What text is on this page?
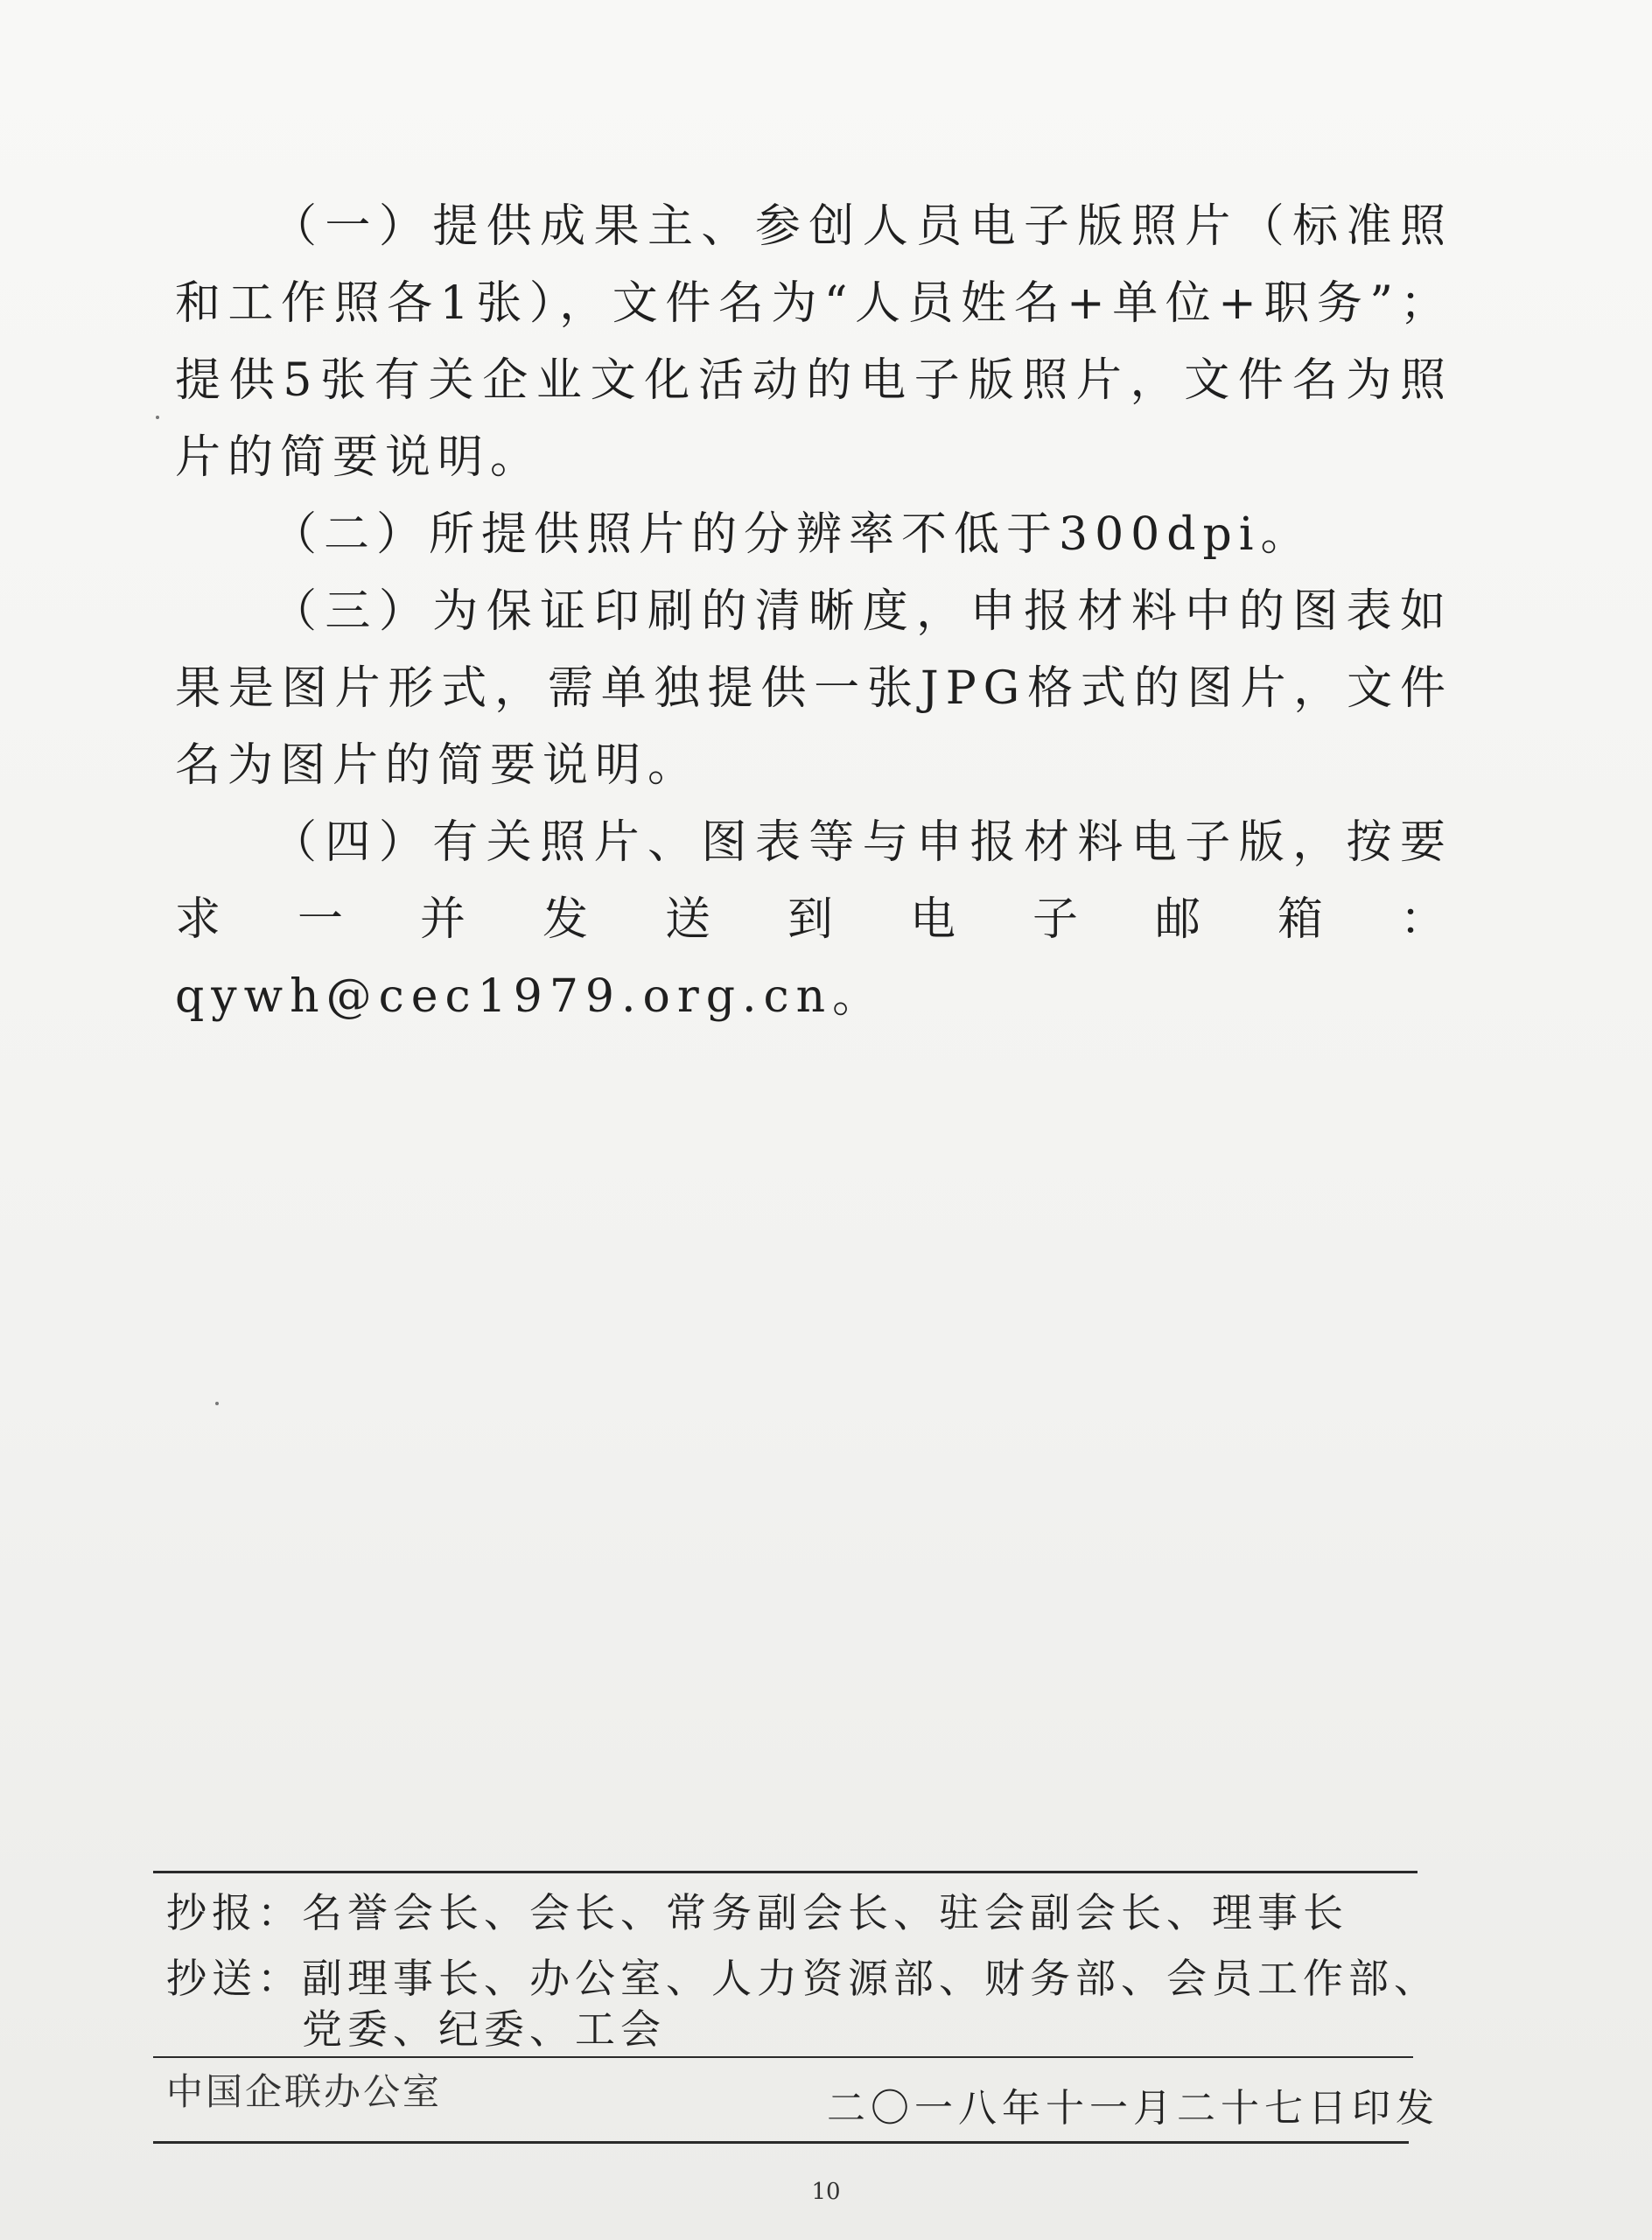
（一）提供成果主、参创人员电子版照片（标准照和工作照各1张），文件名为“人员姓名+单位+职务”；提供5张有关企业文化活动的电子版照片，文件名为照片的简要说明。

（二）所提供照片的分辨率不低于300dpi。

（三）为保证印刷的清晰度，申报材料中的图表如果是图片形式，需单独提供一张JPG格式的图片，文件名为图片的简要说明。

（四）有关照片、图表等与申报材料电子版，按要求一并发送到电子邮箱：qywh@cec1979.org.cn。

抄报：名誉会长、会长、常务副会长、驻会副会长、理事长
抄送：副理事长、办公室、人力资源部、财务部、会员工作部、
党委、纪委、工会
中国企联办公室	二〇一八年十一月二十七日印发
10
